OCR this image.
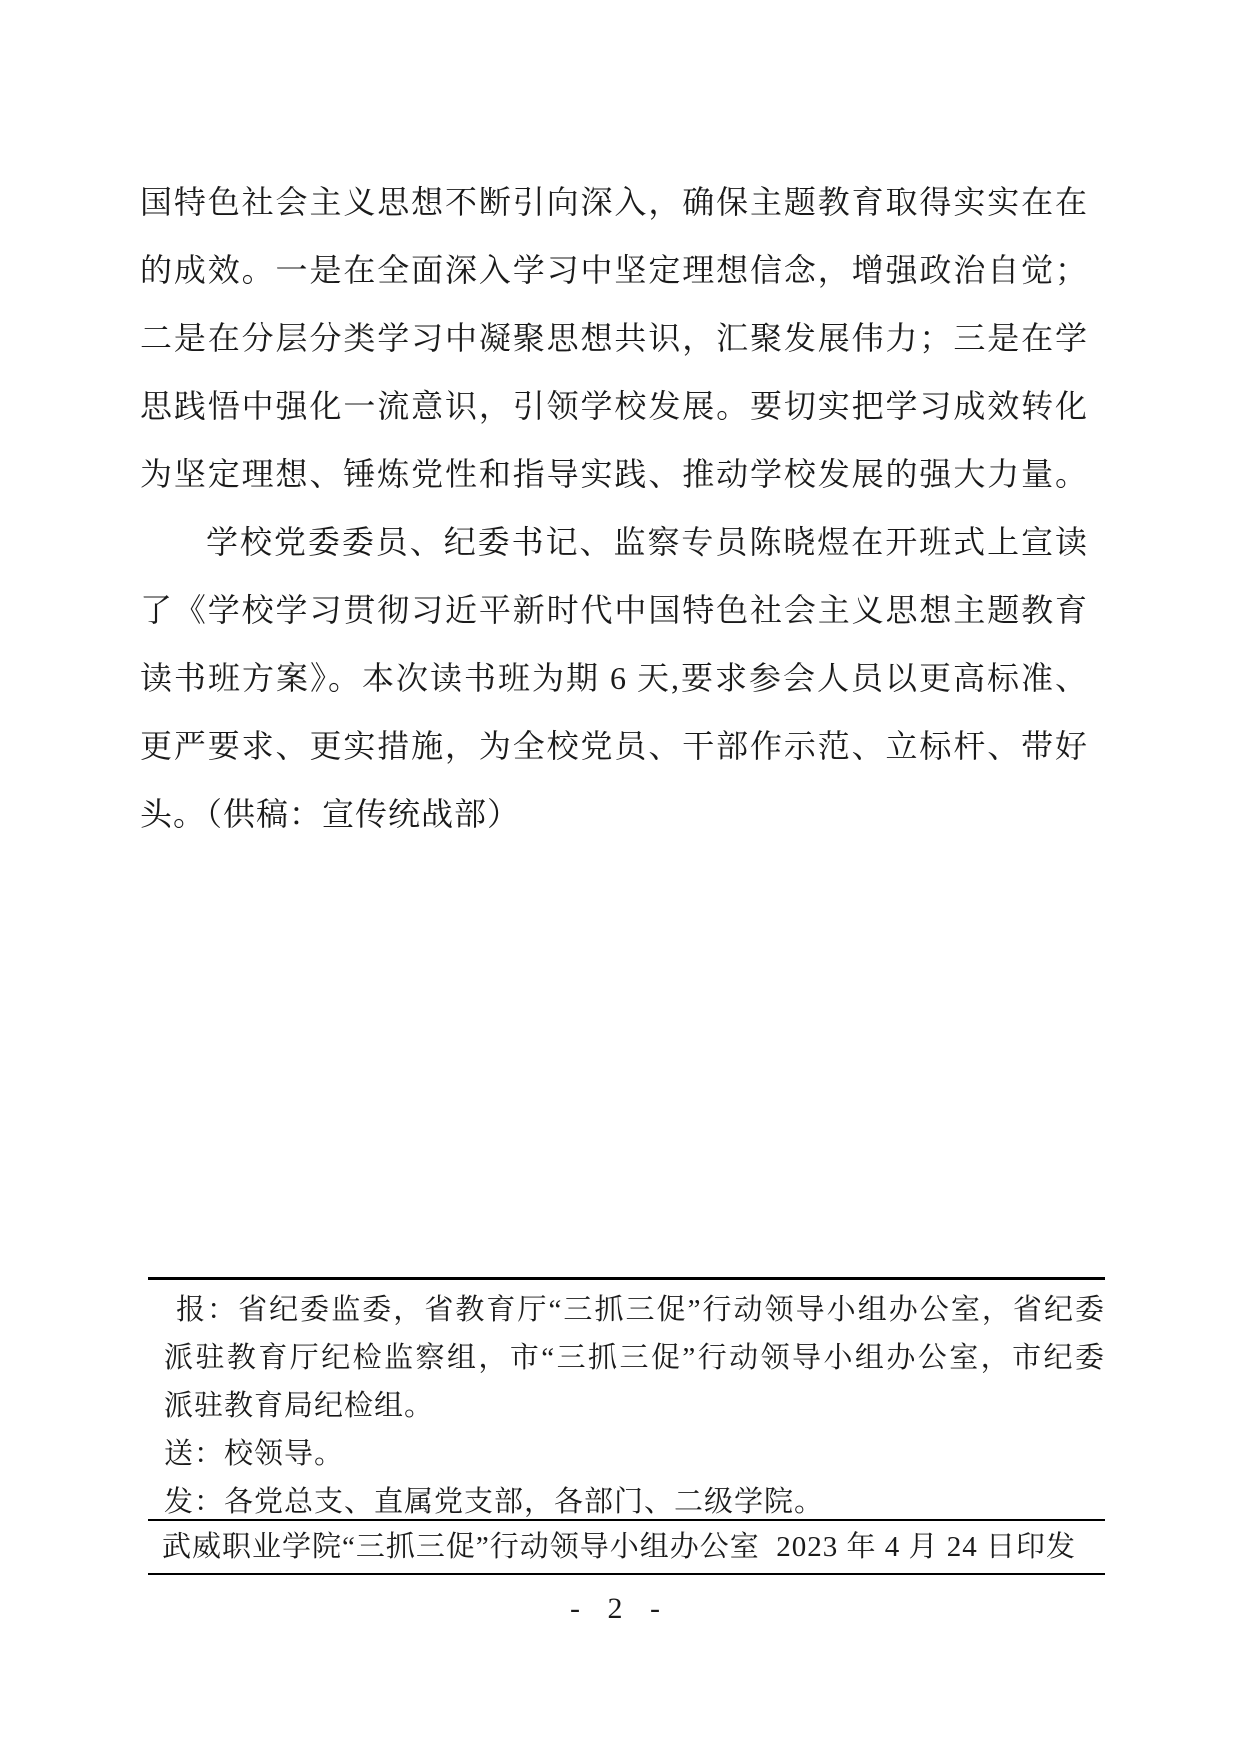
国特色社会主义思想不断引向深入，确保主题教育取得实实在在

的成效。一是在全面深入学习中坚定理想信念，增强政治自觉；

二是在分层分类学习中凝聚思想共识，汇聚发展伟力；三是在学

思践悟中强化一流意识，引领学校发展。要切实把学习成效转化

为坚定理想、锤炼党性和指导实践、推动学校发展的强大力量。

学校党委委员、纪委书记、监察专员陈晓煜在开班式上宣读

了《学校学习贯彻习近平新时代中国特色社会主义思想主题教育

读书班方案》。本次读书班为期 6 天,要求参会人员以更高标准、

更严要求、更实措施，为全校党员、干部作示范、立标杆、带好

头。（供稿：宣传统战部）

报：省纪委监委，省教育厅“三抓三促”行动领导小组办公室，省纪委

派驻教育厅纪检监察组，市“三抓三促”行动领导小组办公室，市纪委

派驻教育局纪检组。

送：校领导。

发：各党总支、直属党支部，各部门、二级学院。

武威职业学院“三抓三促”行动领导小组办公室  2023 年 4 月 24 日印发
- 2 -
